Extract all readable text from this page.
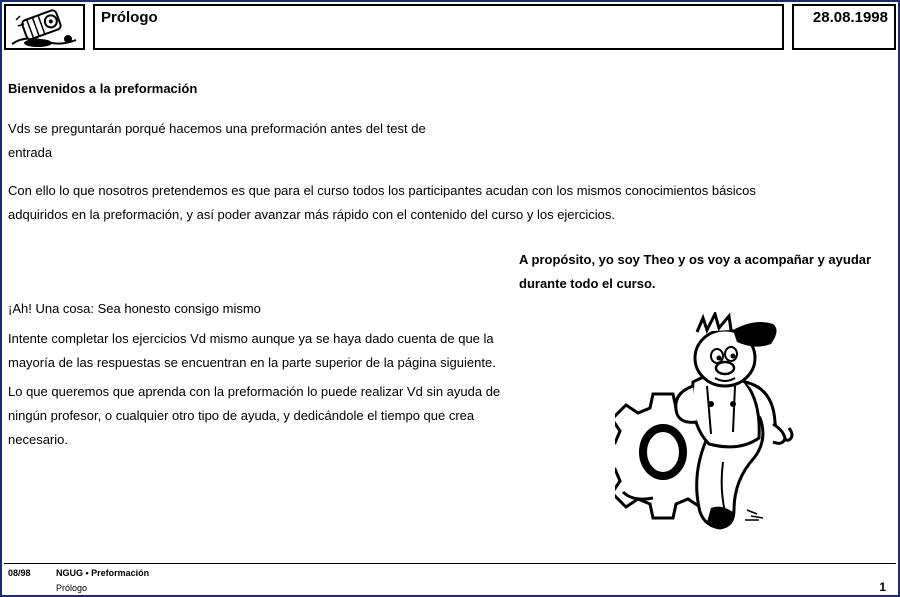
Prólogo	28.08.1998
Bienvenidos a la preformación
Vds se preguntarán porqué hacemos una preformación antes del test de
entrada
Con ello lo que nosotros pretendemos es que para el curso todos los participantes acudan con los mismos conocimientos básicos
adquiridos en la preformación, y así poder avanzar más rápido con el contenido del curso y los ejercicios.
A propósito, yo soy Theo y os voy a acompañar y ayudar
durante todo el curso.
¡Ah! Una cosa: Sea honesto consigo mismo
Intente completar los ejercicios Vd mismo aunque ya se haya dado cuenta de que la
mayoría de las respuestas se encuentran en la parte superior de la página siguiente.
Lo que queremos que aprenda con la preformación lo puede realizar Vd sin ayuda de
ningún profesor, o cualquier otro tipo de ayuda, y dedicándole el tiempo que crea
necesario.
08/98	NGUG • Preformación
Prólogo	1
